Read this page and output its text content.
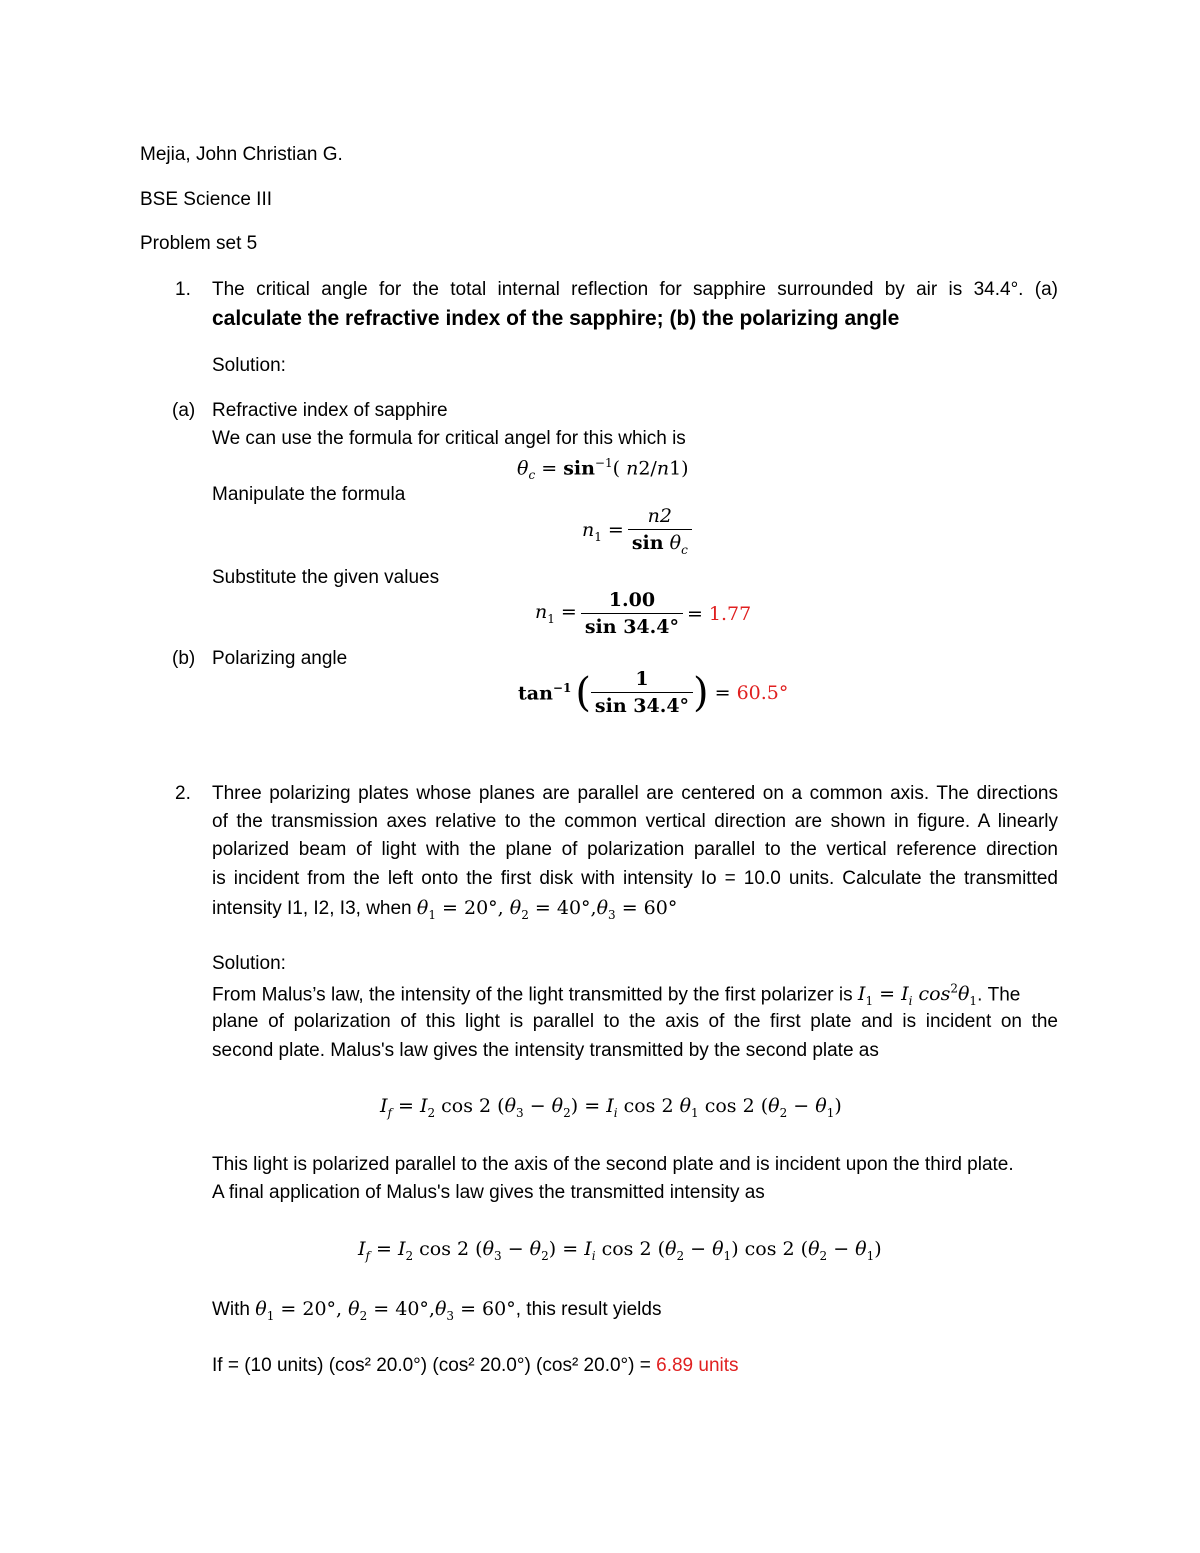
Mejia, John Christian G.
BSE Science III
Problem set 5
1. The critical angle for the total internal reflection for sapphire surrounded by air is 34.4°. (a)
calculate the refractive index of the sapphire; (b) the polarizing angle
Solution:
(a) Refractive index of sapphire
We can use the formula for critical angel for this which is
$\theta_c = \sin^{-1}$( n2/n1)
Manipulate the formula
$n_1 = \frac{n2}{\sin \theta_c}$
Substitute the given values
$n_1 = \frac{1.00}{\sin 34.4^\circ} = 1.77$
(b) Polarizing angle
$\tan^{-1}$ ( $\frac{1}{\sin 34.4^\circ}$ ) = 60.5°
2. Three polarizing plates whose planes are parallel are centered on a common axis. The directions
of the transmission axes relative to the common vertical direction are shown in figure. A linearly
polarized beam of light with the plane of polarization parallel to the vertical reference direction
is incident from the left onto the first disk with intensity Io = 10.0 units. Calculate the transmitted
intensity I1, I2, I3, when $\theta_1 = 20^\circ$, $\theta_2 = 40^\circ,\theta_3 = 60^\circ$
Solution:
From Malus’s law, the intensity of the light transmitted by the first polarizer is $I_1 = I_i$ $\cos^2\theta_1$. The
plane of polarization of this light is parallel to the axis of the first plate and is incident on the
second plate. Malus's law gives the intensity transmitted by the second plate as
$I_f = I_2$ cos 2 $(\theta_3 - \theta_2) = I_i$ cos 2 $\theta_1$ cos 2 $(\theta_2 - \theta_1)$
This light is polarized parallel to the axis of the second plate and is incident upon the third plate.
A final application of Malus's law gives the transmitted intensity as
$I_f = I_2$ cos 2 $(\theta_3 - \theta_2) = I_i$ cos 2 $(\theta_2 - \theta_1)$ cos 2 $(\theta_2 - \theta_1)$
With $\theta_1 = 20^\circ$, $\theta_2 = 40^\circ,\theta_3 = 60^\circ$, this result yields
If = (10 units) (cos² 20.0°) (cos² 20.0°) (cos² 20.0°) = 6.89 units
